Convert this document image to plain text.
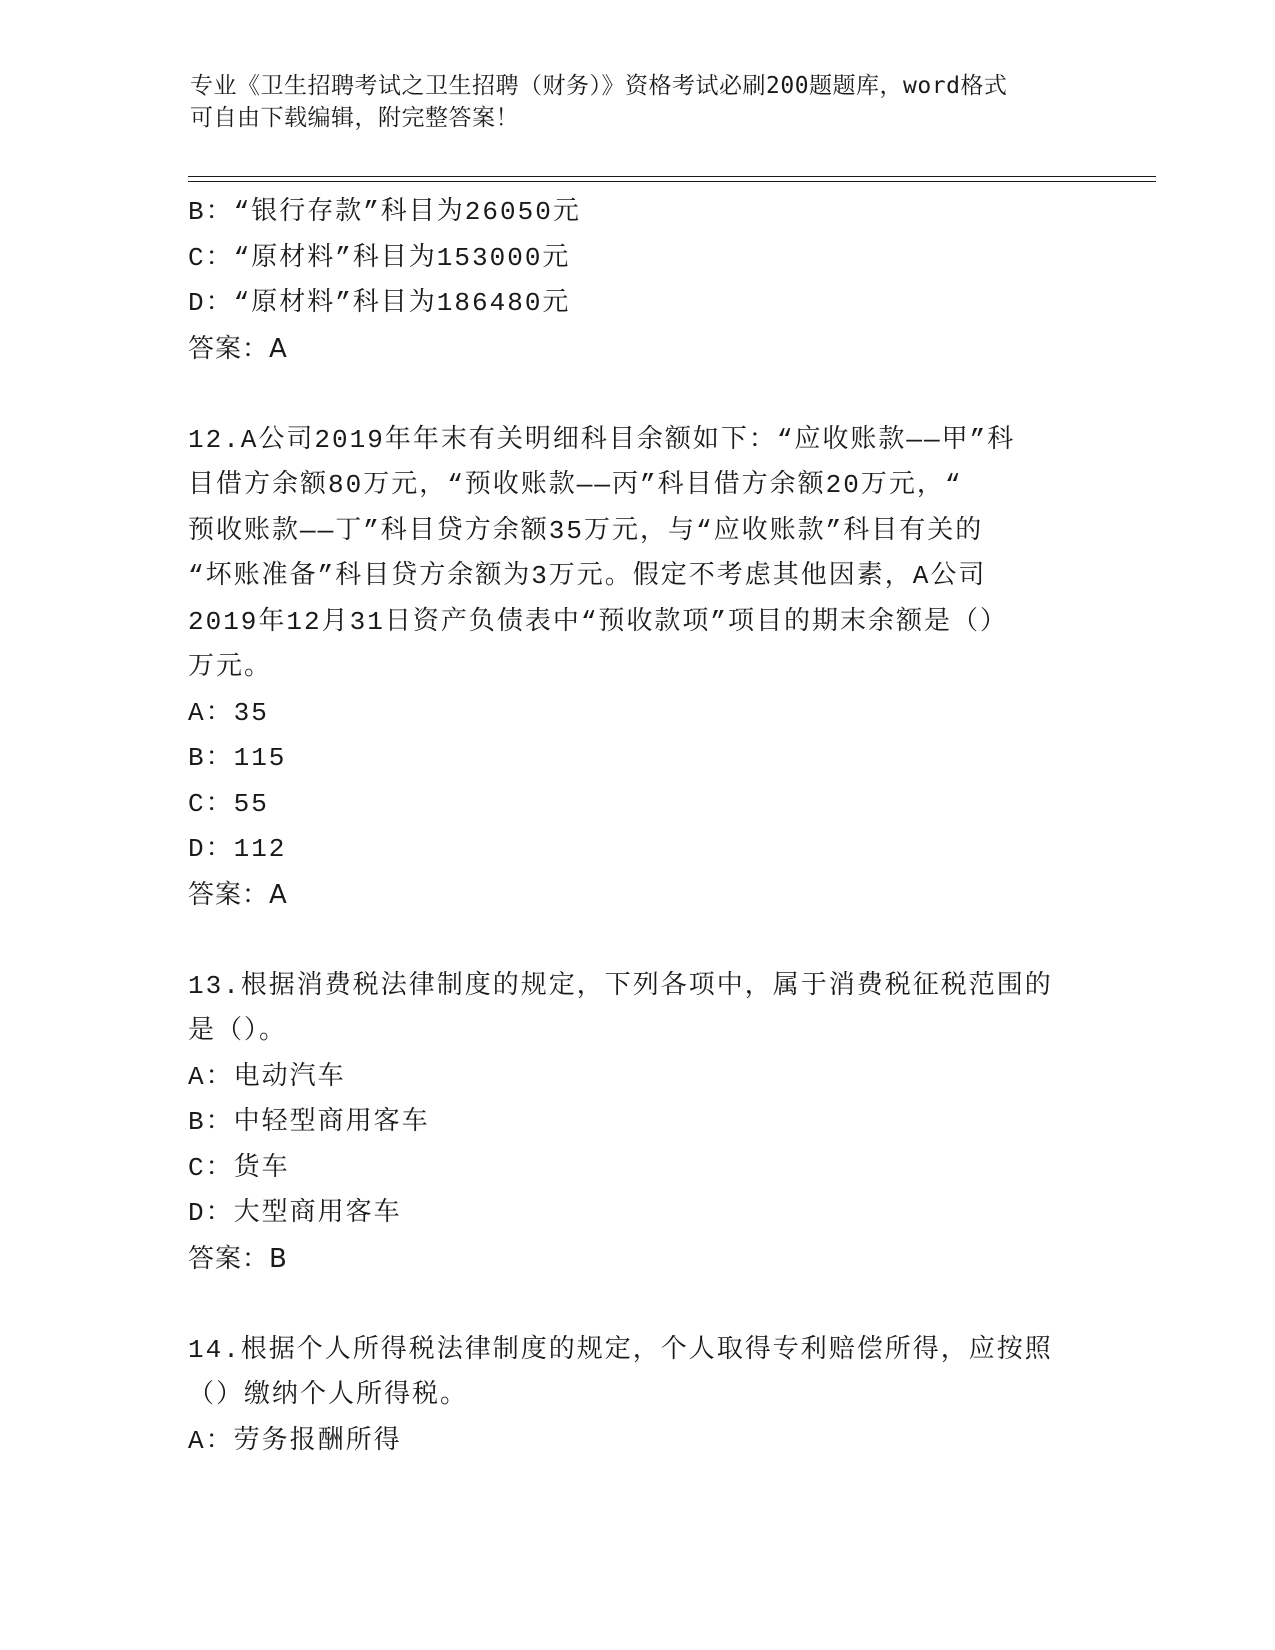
专业《卫生招聘考试之卫生招聘（财务）》资格考试必刷200题题库，word格式
可自由下载编辑，附完整答案！
B：“银行存款”科目为26050元
C：“原材料”科目为153000元
D：“原材料”科目为186480元
答案：A
12.A公司2019年年末有关明细科目余额如下：“应收账款——甲”科
目借方余额80万元，“预收账款——丙”科目借方余额20万元，“
预收账款——丁”科目贷方余额35万元，与“应收账款”科目有关的
“坏账准备”科目贷方余额为3万元。假定不考虑其他因素，A公司
2019年12月31日资产负债表中“预收款项”项目的期末余额是（）
万元。
A：35
B：115
C：55
D：112
答案：A
13.根据消费税法律制度的规定，下列各项中，属于消费税征税范围的
是（）。
A：电动汽车
B：中轻型商用客车
C：货车
D：大型商用客车
答案：B
14.根据个人所得税法律制度的规定，个人取得专利赔偿所得，应按照
（）缴纳个人所得税。
A：劳务报酬所得
